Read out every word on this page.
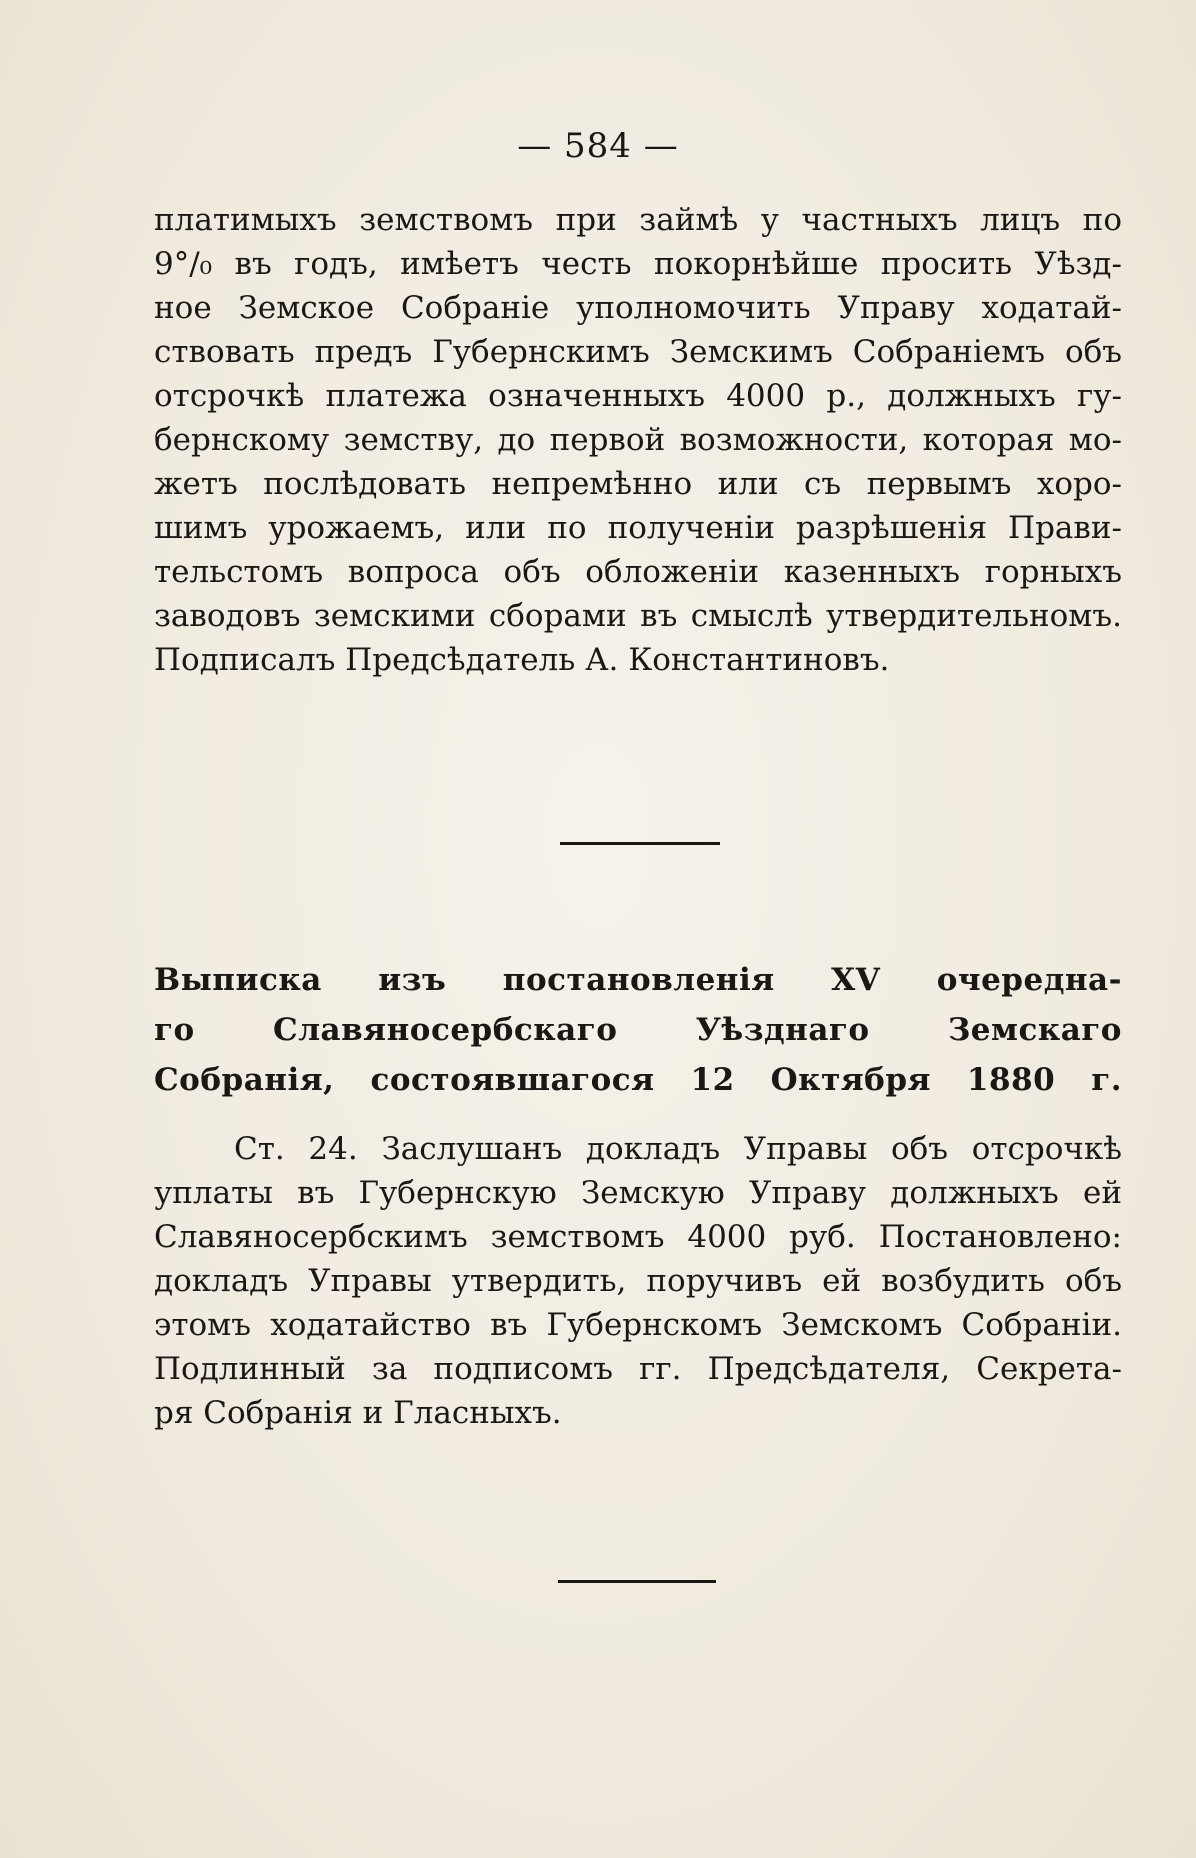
— 584 —
платимыхъ земствомъ при займѣ у частныхъ лицъ по
9°/₀ въ годъ, имѣетъ честь покорнѣйше просить Уѣзд-
ное Земское Собраніе уполномочить Управу ходатай-
ствовать предъ Губернскимъ Земскимъ Собраніемъ объ
отсрочкѣ платежа означенныхъ 4000 р., должныхъ гу-
бернскому земству, до первой возможности, которая мо-
жетъ послѣдовать непремѣнно или съ первымъ хоро-
шимъ урожаемъ, или по полученіи разрѣшенія Прави-
тельстомъ вопроса объ обложеніи казенныхъ горныхъ
заводовъ земскими сборами въ смыслѣ утвердительномъ.
Подписалъ Предсѣдатель А. Константиновъ.
Выписка изъ постановленія XV очередна-
го Славяносербскаго Уѣзднаго Земскаго
Собранія, состоявшагося 12 Октября 1880 г.
Ст. 24. Заслушанъ докладъ Управы объ отсрочкѣ
уплаты въ Губернскую Земскую Управу должныхъ ей
Славяносербскимъ земствомъ 4000 руб. Постановлено:
докладъ Управы утвердить, поручивъ ей возбудить объ
этомъ ходатайство въ Губернскомъ Земскомъ Собраніи.
Подлинный за подписомъ гг. Предсѣдателя, Секрета-
ря Собранія и Гласныхъ.
